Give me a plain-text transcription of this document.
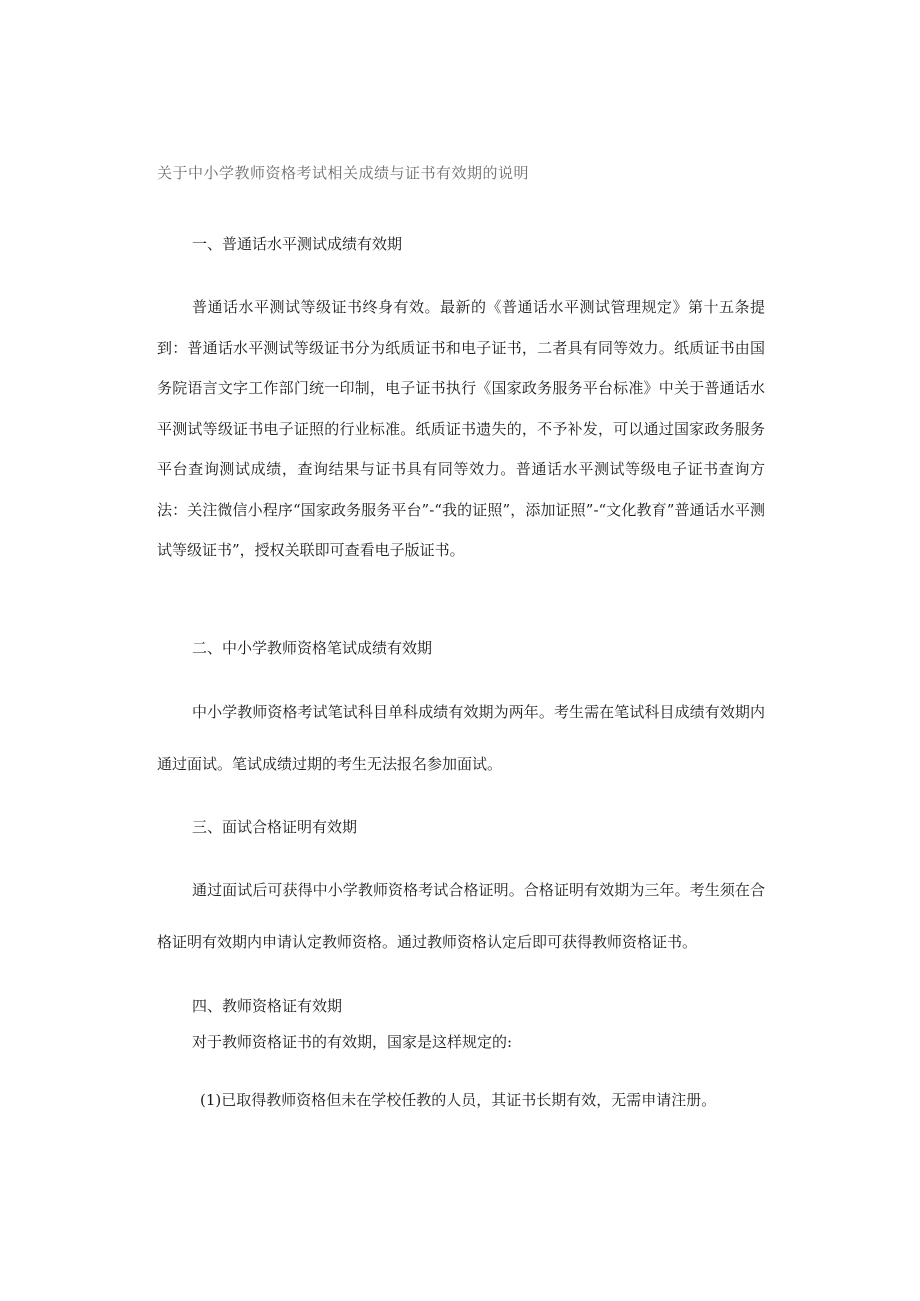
关于中小学教师资格考试相关成绩与证书有效期的说明
一、普通话水平测试成绩有效期
普通话水平测试等级证书终身有效。最新的《普通话水平测试管理规定》第十五条提到：普通话水平测试等级证书分为纸质证书和电子证书，二者具有同等效力。纸质证书由国务院语言文字工作部门统一印制，电子证书执行《国家政务服务平台标准》中关于普通话水平测试等级证书电子证照的行业标准。纸质证书遗失的，不予补发，可以通过国家政务服务平台查询测试成绩，查询结果与证书具有同等效力。普通话水平测试等级电子证书查询方法：关注微信小程序“国家政务服务平台”-“我的证照”，添加证照”-“文化教育”普通话水平测试等级证书”，授权关联即可查看电子版证书。
二、中小学教师资格笔试成绩有效期
中小学教师资格考试笔试科目单科成绩有效期为两年。考生需在笔试科目成绩有效期内通过面试。笔试成绩过期的考生无法报名参加面试。
三、面试合格证明有效期
通过面试后可获得中小学教师资格考试合格证明。合格证明有效期为三年。考生须在合格证明有效期内申请认定教师资格。通过教师资格认定后即可获得教师资格证书。
四、教师资格证有效期
对于教师资格证书的有效期，国家是这样规定的:
(1)已取得教师资格但未在学校任教的人员，其证书长期有效，无需申请注册。
